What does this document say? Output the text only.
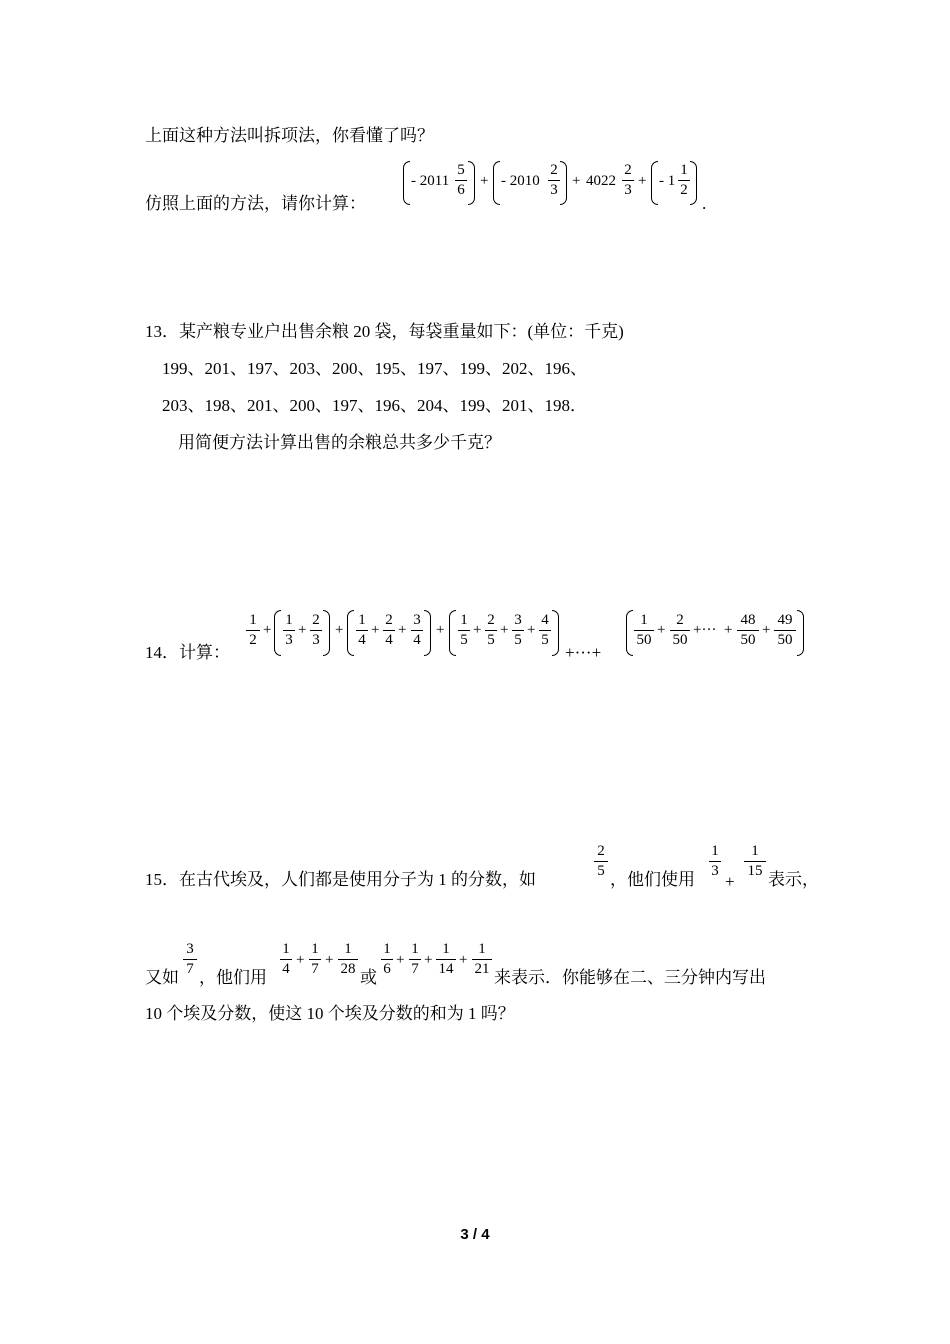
上面这种方法叫拆项法，你看懂了吗？
仿照上面的方法，请你计算：
- 2011
5
6
+ - 2010
2
3
+ 4022
2
3
+ - 1
1
2
.
13．某产粮专业户出售余粮 20 袋，每袋重量如下：(单位：千克)
199、201、197、203、200、195、197、199、202、196、
203、198、201、200、197、196、204、199、201、198．
用简便方法计算出售的余粮总共多少千克？
14．计算：
1
2
+
1
3
+
2
3
+
1
4
+
2
4
+
3
4
+
1
5
+
2
5
+
3
5
+
4
5
+···+
1
50
+
2
50
+··· +
48
50
+
49
50
15．在古代埃及，人们都是使用分子为 1 的分数，如
2
5 ，他们使用
1
3
+
1
15 表示，
又如
3
7 ，他们用
1
4
+
1
7
+
1
28 或
1
6
+
1
7
+
1
14
+
1
21 来表示．你能够在二、三分钟内写出
10 个埃及分数，使这 10 个埃及分数的和为 1 吗？
3 / 4
